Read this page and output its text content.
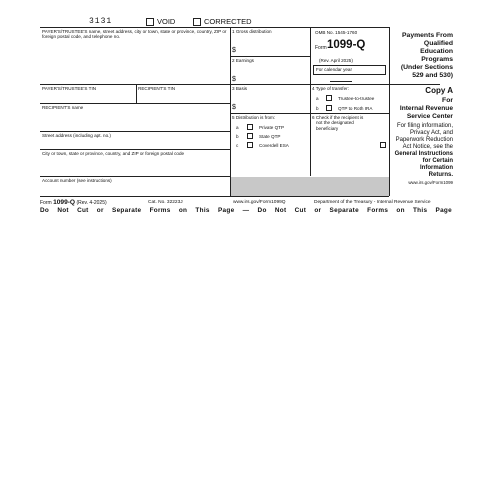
3131	VOID	CORRECTED
PAYER'S/TRUSTEE'S name, street address, city or town, state or province, country, ZIP or foreign postal code, and telephone no.
PAYER'S/TRUSTEE'S TIN	RECIPIENT'S TIN
RECIPIENT'S name
Street address (including apt. no.)
City or town, state or province, country, and ZIP or foreign postal code
Account number (see instructions)
1 Gross distribution
$
2 Earnings
$
3 Basis
$
OMB No. 1545-1760
Form 1099-Q
(Rev. April 2025)
For calendar year
Payments From
Qualified
Education
Programs
(Under Sections
529 and 530)
4 Type of transfer:
a	Trustee-to-trustee
b	QTP to Roth IRA
5 Distribution is from:
a	Private QTP
b	State QTP
c	Coverdell ESA
6 Check if the recipient is
not the designated
beneficiary
Copy A
For
Internal Revenue
Service Center
For filing information,
Privacy Act, and
Paperwork Reduction
Act Notice, see the
General Instructions
for Certain
Information
Returns.
www.irs.gov/Form1099
Form 1099-Q (Rev. 4-2025)	Cat. No. 32223J	www.irs.gov/Form1099Q	Department of the Treasury - Internal Revenue Service
Do Not Cut or Separate Forms on This Page — Do Not Cut or Separate Forms on This Page
